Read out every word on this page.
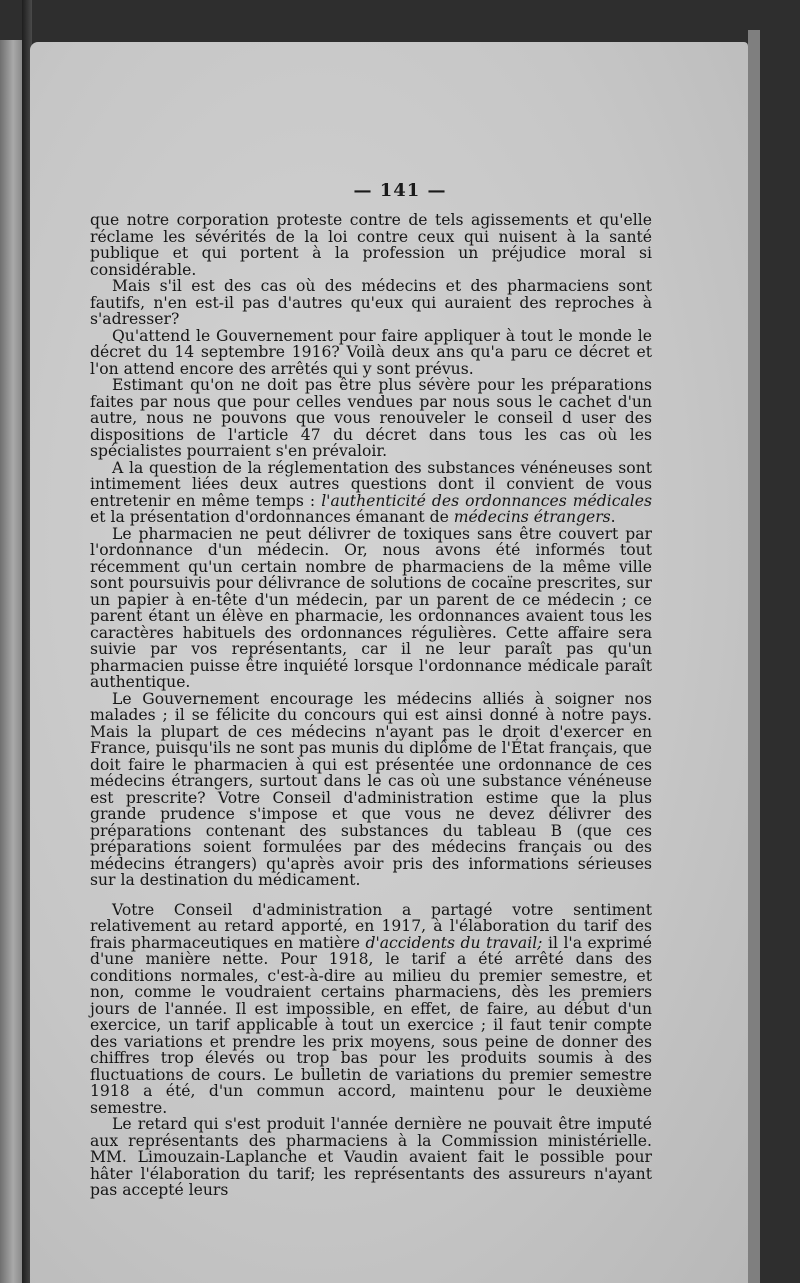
— 141 —

que notre corporation proteste contre de tels agissements et qu'elle réclame les sévérités de la loi contre ceux qui nuisent à la santé publique et qui portent à la profession un préjudice moral si considérable.

Mais s'il est des cas où des médecins et des pharmaciens sont fautifs, n'en est-il pas d'autres qu'eux qui auraient des reproches à s'adresser?

Qu'attend le Gouvernement pour faire appliquer à tout le monde le décret du 14 septembre 1916? Voilà deux ans qu'a paru ce décret et l'on attend encore des arrêtés qui y sont prévus.

Estimant qu'on ne doit pas être plus sévère pour les préparations faites par nous que pour celles vendues par nous sous le cachet d'un autre, nous ne pouvons que vous renouveler le conseil d user des dispositions de l'article 47 du décret dans tous les cas où les spécialistes pourraient s'en prévaloir.

A la question de la réglementation des substances vénéneuses sont intimement liées deux autres questions dont il convient de vous entretenir en même temps : l'authenticité des ordonnances médicales et la présentation d'ordonnances émanant de médecins étrangers.

Le pharmacien ne peut délivrer de toxiques sans être couvert par l'ordonnance d'un médecin. Or, nous avons été informés tout récemment qu'un certain nombre de pharmaciens de la même ville sont poursuivis pour délivrance de solutions de cocaïne prescrites, sur un papier à en-tête d'un médecin, par un parent de ce médecin ; ce parent étant un élève en pharmacie, les ordonnances avaient tous les caractères habituels des ordonnances régulières. Cette affaire sera suivie par vos représentants, car il ne leur paraît pas qu'un pharmacien puisse être inquiété lorsque l'ordonnance médicale paraît authentique.

Le Gouvernement encourage les médecins alliés à soigner nos malades ; il se félicite du concours qui est ainsi donné à notre pays. Mais la plupart de ces médecins n'ayant pas le droit d'exercer en France, puisqu'ils ne sont pas munis du diplôme de l'État français, que doit faire le pharmacien à qui est présentée une ordonnance de ces médecins étrangers, surtout dans le cas où une substance vénéneuse est prescrite? Votre Conseil d'administration estime que la plus grande prudence s'impose et que vous ne devez délivrer des préparations contenant des substances du tableau B (que ces préparations soient formulées par des médecins français ou des médecins étrangers) qu'après avoir pris des informations sérieuses sur la destination du médicament.

Votre Conseil d'administration a partagé votre sentiment relativement au retard apporté, en 1917, à l'élaboration du tarif des frais pharmaceutiques en matière d'accidents du travail; il l'a exprimé d'une manière nette. Pour 1918, le tarif a été arrêté dans des conditions normales, c'est-à-dire au milieu du premier semestre, et non, comme le voudraient certains pharmaciens, dès les premiers jours de l'année. Il est impossible, en effet, de faire, au début d'un exercice, un tarif applicable à tout un exercice ; il faut tenir compte des variations et prendre les prix moyens, sous peine de donner des chiffres trop élevés ou trop bas pour les produits soumis à des fluctuations de cours. Le bulletin de variations du premier semestre 1918 a été, d'un commun accord, maintenu pour le deuxième semestre.

Le retard qui s'est produit l'année dernière ne pouvait être imputé aux représentants des pharmaciens à la Commission ministérielle. MM. Limouzain-Laplanche et Vaudin avaient fait le possible pour hâter l'élaboration du tarif; les représentants des assureurs n'ayant pas accepté leurs
